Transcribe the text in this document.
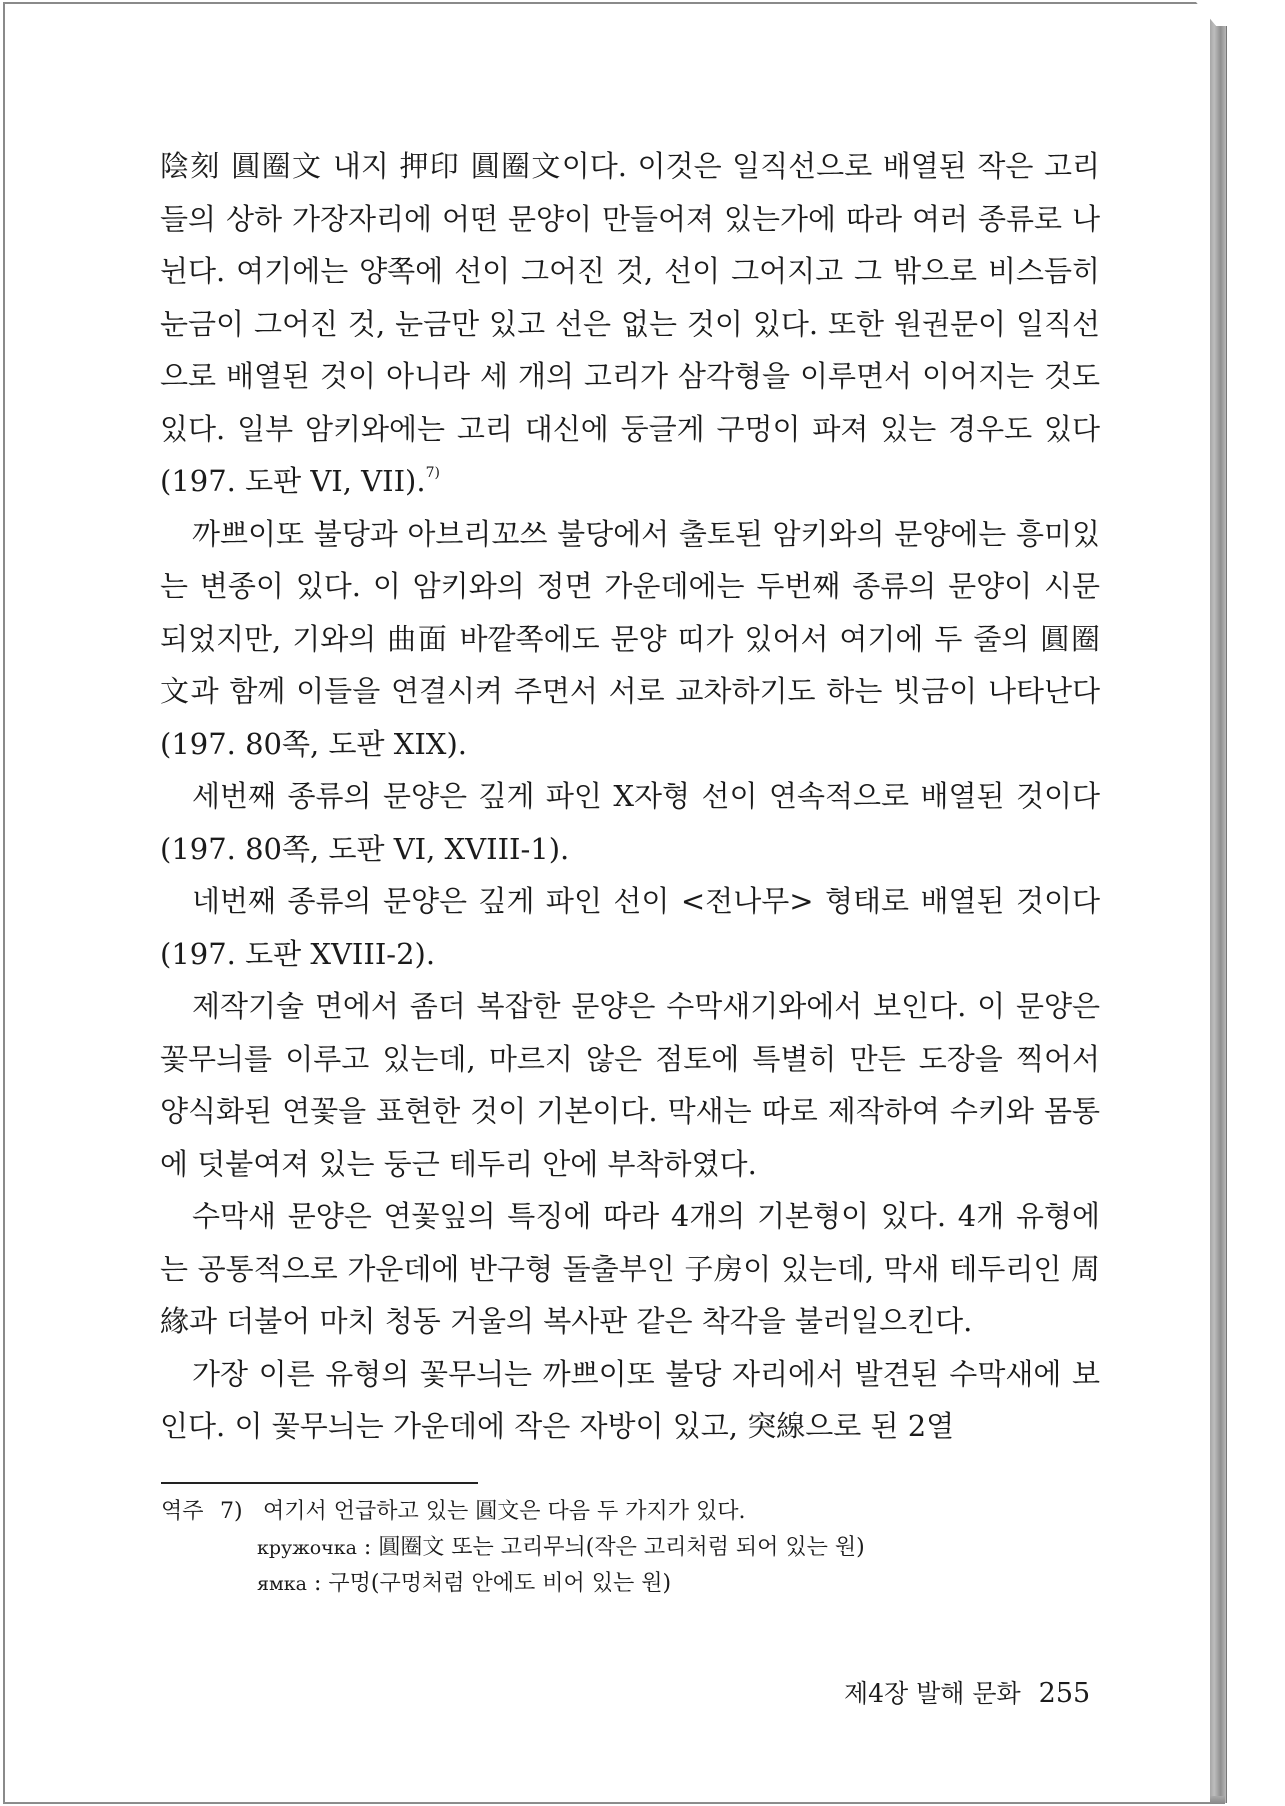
陰刻 圓圈文 내지 押印 圓圈文이다. 이것은 일직선으로 배열된 작은 고리들의 상하 가장자리에 어떤 문양이 만들어져 있는가에 따라 여러 종류로 나뉜다. 여기에는 양쪽에 선이 그어진 것, 선이 그어지고 그 밖으로 비스듬히 눈금이 그어진 것, 눈금만 있고 선은 없는 것이 있다. 또한 원권문이 일직선으로 배열된 것이 아니라 세 개의 고리가 삼각형을 이루면서 이어지는 것도 있다. 일부 암키와에는 고리 대신에 둥글게 구멍이 파져 있는 경우도 있다(197. 도판 VI, VII).$^{7)}$

까쁘이또 불당과 아브리꼬쓰 불당에서 출토된 암키와의 문양에는 흥미있는 변종이 있다. 이 암키와의 정면 가운데에는 두번째 종류의 문양이 시문되었지만, 기와의 曲面 바깥쪽에도 문양 띠가 있어서 여기에 두 줄의 圓圈文과 함께 이들을 연결시켜 주면서 서로 교차하기도 하는 빗금이 나타난다(197. 80쪽, 도판 XIX).

세번째 종류의 문양은 깊게 파인 X자형 선이 연속적으로 배열된 것이다(197. 80쪽, 도판 VI, XVIII-1).

네번째 종류의 문양은 깊게 파인 선이 <전나무> 형태로 배열된 것이다(197. 도판 XVIII-2).

제작기술 면에서 좀더 복잡한 문양은 수막새기와에서 보인다. 이 문양은 꽃무늬를 이루고 있는데, 마르지 않은 점토에 특별히 만든 도장을 찍어서 양식화된 연꽃을 표현한 것이 기본이다. 막새는 따로 제작하여 수키와 몸통에 덧붙여져 있는 둥근 테두리 안에 부착하였다.

수막새 문양은 연꽃잎의 특징에 따라 4개의 기본형이 있다. 4개 유형에는 공통적으로 가운데에 반구형 돌출부인 子房이 있는데, 막새 테두리인 周緣과 더불어 마치 청동 거울의 복사판 같은 착각을 불러일으킨다.

가장 이른 유형의 꽃무늬는 까쁘이또 불당 자리에서 발견된 수막새에 보인다. 이 꽃무늬는 가운데에 작은 자방이 있고, 突線으로 된 2열

역주 7) 여기서 언급하고 있는 圓文은 다음 두 가지가 있다.
кружочка : 圓圈文 또는 고리무늬(작은 고리처럼 되어 있는 원)
ямка : 구멍(구멍처럼 안에도 비어 있는 원)
제4장 발해 문화 255
